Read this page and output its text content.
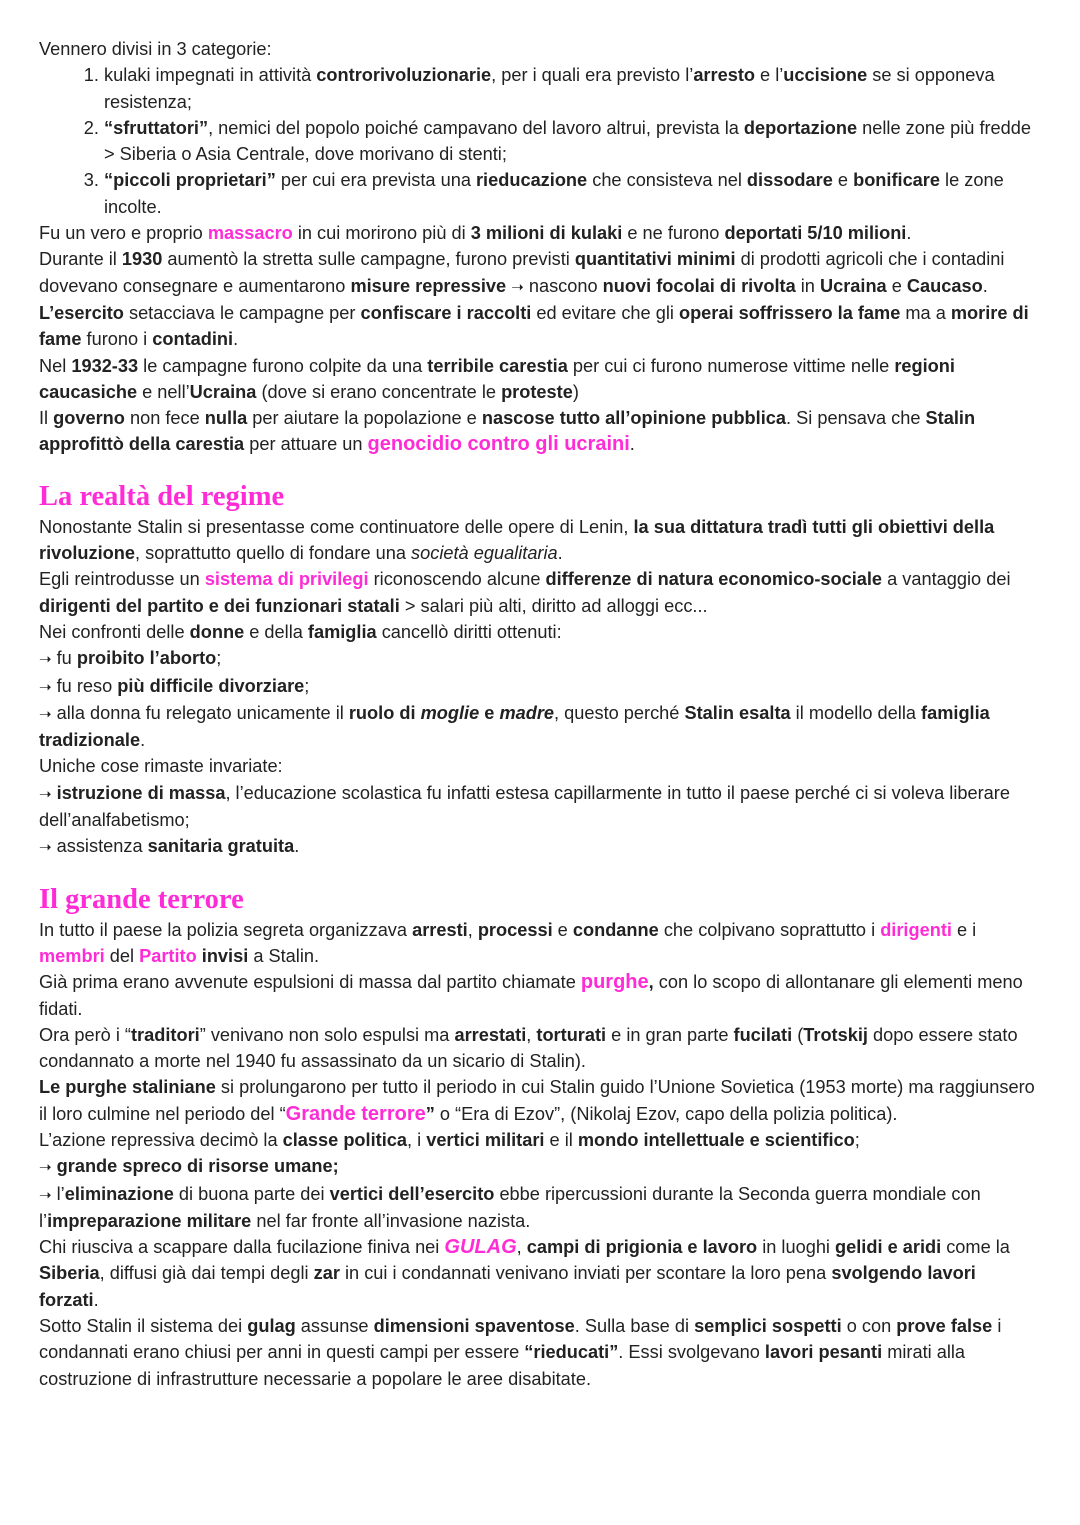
Vennero divisi in 3 categorie:

1. kulaki impegnati in attività controrivoluzionarie, per i quali era previsto l’arresto e l’uccisione se si opponeva resistenza;
2. “sfruttatori”, nemici del popolo poiché campavano del lavoro altrui, prevista la deportazione nelle zone più fredde > Siberia o Asia Centrale, dove morivano di stenti;
3. “piccoli proprietari” per cui era prevista una rieducazione che consisteva nel dissodare e bonificare le zone incolte.

Fu un vero e proprio massacro in cui morirono più di 3 milioni di kulaki e ne furono deportati 5/10 milioni.

Durante il 1930 aumentò la stretta sulle campagne, furono previsti quantitativi minimi di prodotti agricoli che i contadini dovevano consegnare e aumentarono misure repressive ➝ nascono nuovi focolai di rivolta in Ucraina e Caucaso.

L’esercito setacciava le campagne per confiscare i raccolti ed evitare che gli operai soffrissero la fame ma a morire di fame furono i contadini.

Nel 1932-33 le campagne furono colpite da una terribile carestia per cui ci furono numerose vittime nelle regioni caucasiche e nell’Ucraina (dove si erano concentrate le proteste)

Il governo non fece nulla per aiutare la popolazione e nascose tutto all’opinione pubblica. Si pensava che Stalin approfittò della carestia per attuare un genocidio contro gli ucraini.

La realtà del regime

Nonostante Stalin si presentasse come continuatore delle opere di Lenin, la sua dittatura tradì tutti gli obiettivi della rivoluzione, soprattutto quello di fondare una società egualitaria.

Egli reintrodusse un sistema di privilegi riconoscendo alcune differenze di natura economico-sociale a vantaggio dei dirigenti del partito e dei funzionari statali > salari più alti, diritto ad alloggi ecc...

Nei confronti delle donne e della famiglia cancellò diritti ottenuti:

➝ fu proibito l’aborto;

➝ fu reso più difficile divorziare;

➝ alla donna fu relegato unicamente il ruolo di moglie e madre, questo perché Stalin esalta il modello della famiglia tradizionale.

Uniche cose rimaste invariate:

➝ istruzione di massa, l’educazione scolastica fu infatti estesa capillarmente in tutto il paese perché ci si voleva liberare dell’analfabetismo;

➝ assistenza sanitaria gratuita.

Il grande terrore

In tutto il paese la polizia segreta organizzava arresti, processi e condanne che colpivano soprattutto i dirigenti e i membri del Partito invisi a Stalin.

Già prima erano avvenute espulsioni di massa dal partito chiamate purghe, con lo scopo di allontanare gli elementi meno fidati.

Ora però i “traditori” venivano non solo espulsi ma arrestati, torturati e in gran parte fucilati (Trotskij dopo essere stato condannato a morte nel 1940 fu assassinato da un sicario di Stalin).

Le purghe staliniane si prolungarono per tutto il periodo in cui Stalin guido l’Unione Sovietica (1953 morte) ma raggiunsero il loro culmine nel periodo del “Grande terrore” o “Era di Ezov”, (Nikolaj Ezov, capo della polizia politica).

L’azione repressiva decimò la classe politica, i vertici militari e il mondo intellettuale e scientifico;

➝ grande spreco di risorse umane;

➝ l’eliminazione di buona parte dei vertici dell’esercito ebbe ripercussioni durante la Seconda guerra mondiale con l’impreparazione militare nel far fronte all’invasione nazista.

Chi riusciva a scappare dalla fucilazione finiva nei GULAG, campi di prigionia e lavoro in luoghi gelidi e aridi come la Siberia, diffusi già dai tempi degli zar in cui i condannati venivano inviati per scontare la loro pena svolgendo lavori forzati.

Sotto Stalin il sistema dei gulag assunse dimensioni spaventose. Sulla base di semplici sospetti o con prove false i condannati erano chiusi per anni in questi campi per essere “rieducati”. Essi svolgevano lavori pesanti mirati alla costruzione di infrastrutture necessarie a popolare le aree disabitate.
